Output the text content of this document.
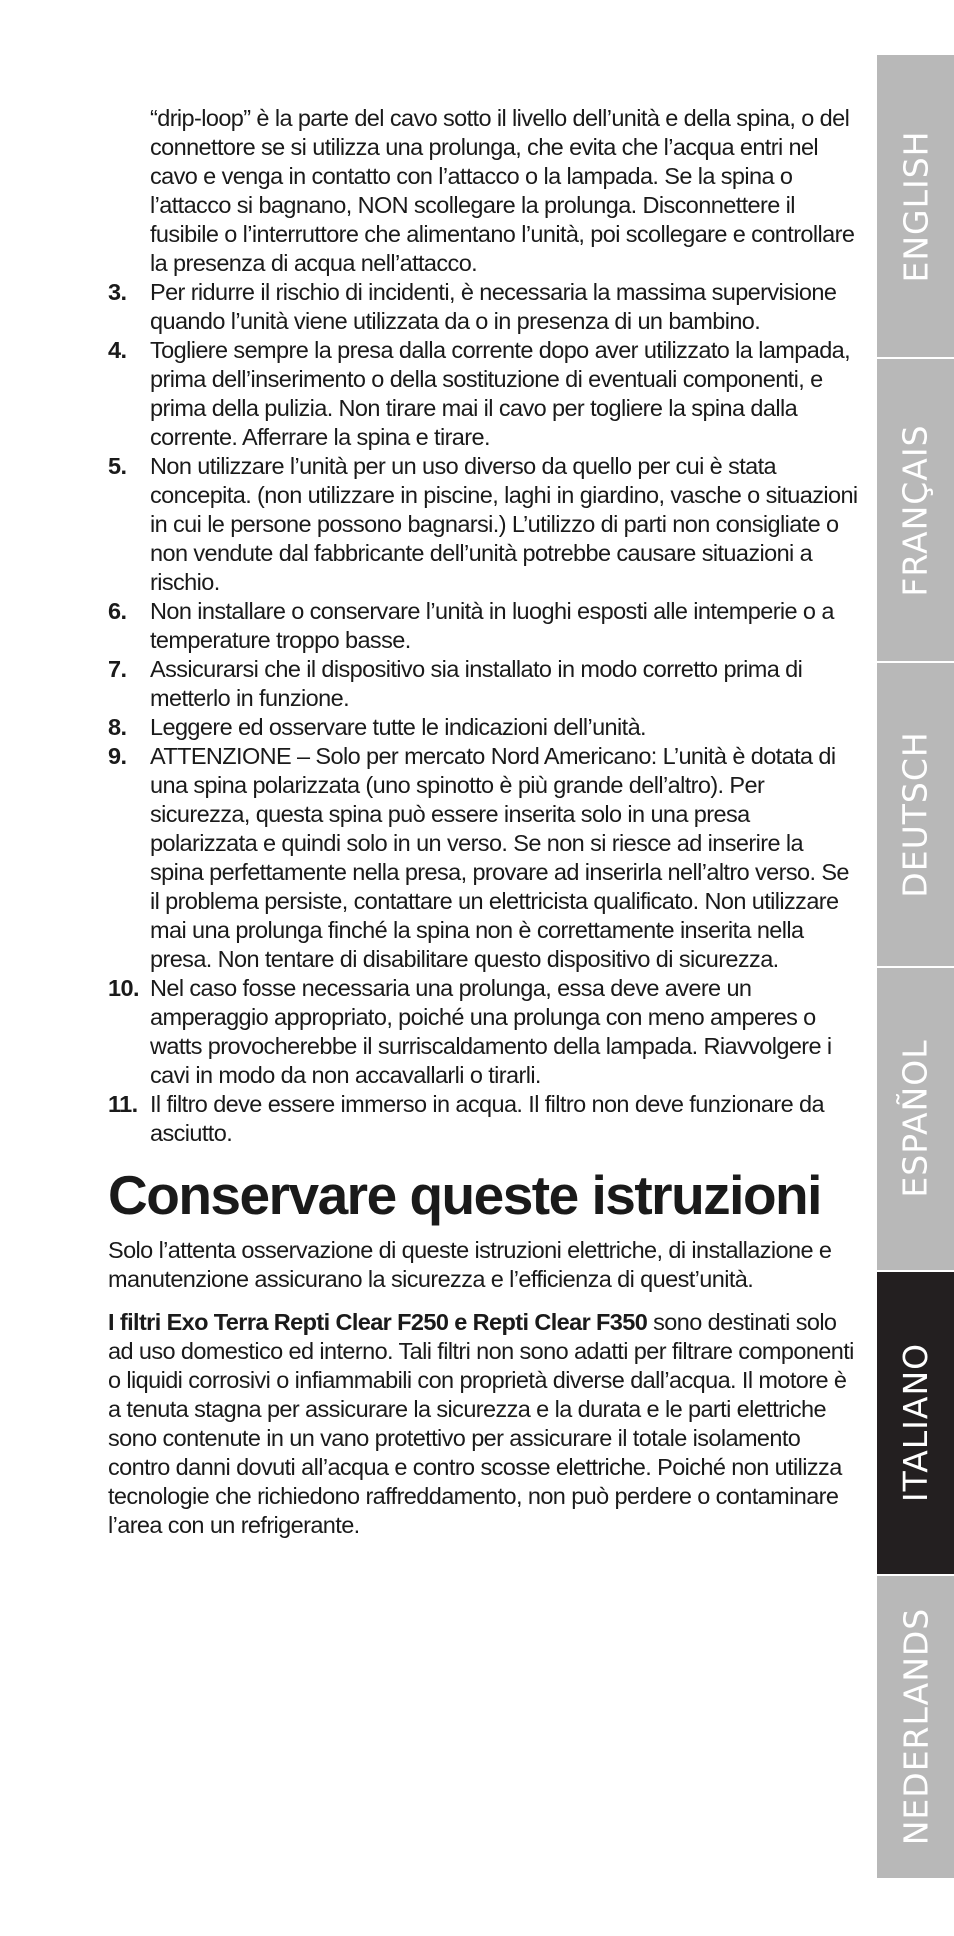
“drip-loop” è la parte del cavo sotto il livello dell’unità e della spina, o del connettore se si utilizza una prolunga, che evita che l’acqua entri nel cavo e venga in contatto con l’attacco o la lampada. Se la spina o l’attacco si bagnano, NON scollegare la prolunga. Disconnettere il fusibile o l’interruttore che alimentano l’unità, poi scollegare e controllare la presenza di acqua nell’attacco.

3. Per ridurre il rischio di incidenti, è necessaria la massima supervisione quando l’unità viene utilizzata da o in presenza di un bambino.
4. Togliere sempre la presa dalla corrente dopo aver utilizzato la lampada, prima dell’inserimento o della sostituzione di eventuali componenti, e prima della pulizia. Non tirare mai il cavo per togliere la spina dalla corrente. Afferrare la spina e tirare.
5. Non utilizzare l’unità per un uso diverso da quello per cui è stata concepita. (non utilizzare in piscine, laghi in giardino, vasche o situazioni in cui le persone possono bagnarsi.) L’utilizzo di parti non consigliate o non vendute dal fabbricante dell’unità potrebbe causare situazioni a rischio.
6. Non installare o conservare l’unità in luoghi esposti alle intemperie o a temperature troppo basse.
7. Assicurarsi che il dispositivo sia installato in modo corretto prima di metterlo in funzione.
8. Leggere ed osservare tutte le indicazioni dell’unità.
9. ATTENZIONE – Solo per mercato Nord Americano: L’unità è dotata di una spina polarizzata (uno spinotto è più grande dell’altro). Per sicurezza, questa spina può essere inserita solo in una presa polarizzata e quindi solo in un verso. Se non si riesce ad inserire la spina perfettamente nella presa, provare ad inserirla nell’altro verso. Se il problema persiste, contattare un elettricista qualificato. Non utilizzare mai una prolunga finché la spina non è correttamente inserita nella presa. Non tentare di disabilitare questo dispositivo di sicurezza.
10. Nel caso fosse necessaria una prolunga, essa deve avere un amperaggio appropriato, poiché una prolunga con meno amperes o watts provocherebbe il surriscaldamento della lampada. Riavvolgere i cavi in modo da non accavallarli o tirarli.
11. Il filtro deve essere immerso in acqua. Il filtro non deve funzionare da asciutto.
Conservare queste istruzioni

Solo l’attenta osservazione di queste istruzioni elettriche, di installazione e manutenzione assicurano la sicurezza e l’efficienza di quest’unità.

I filtri Exo Terra Repti Clear F250 e Repti Clear F350 sono destinati solo ad uso domestico ed interno. Tali filtri non sono adatti per filtrare componenti o liquidi corrosivi o infiammabili con proprietà diverse dall’acqua. Il motore è a tenuta stagna per assicurare la sicurezza e la durata e le parti elettriche sono contenute in un vano protettivo per assicurare il totale isolamento contro danni dovuti all’acqua e contro scosse elettriche. Poiché non utilizza tecnologie che richiedono raffreddamento, non può perdere o contaminare l’area con un refrigerante.

ENGLISH
FRANÇAIS
DEUTSCH
ESPAÑOL
ITALIANO
NEDERLANDS
